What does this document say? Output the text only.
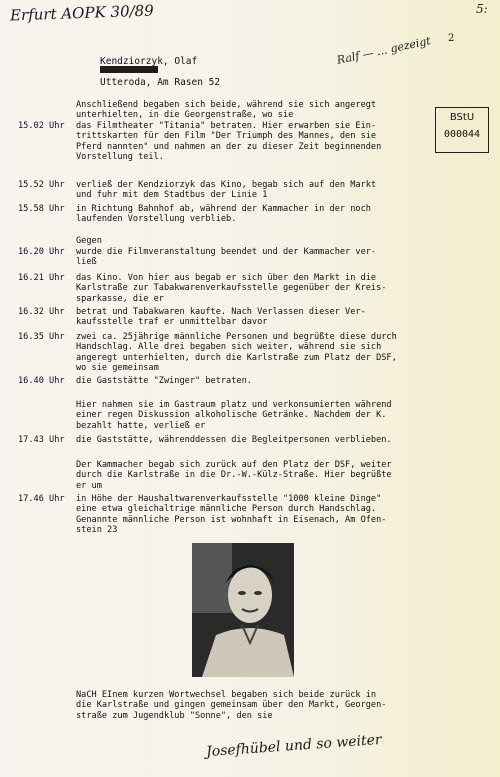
Erfurt AOPK 30/89	5:
2
Ralf — ... gezeigt
Kendziorzyk, Olaf
Utteroda, Am Rasen 52
BStU
000044
Anschließend begaben sich beide, während sie sich angeregt
unterhielten, in die Georgenstraße, wo sie
15.02 Uhr das Filmtheater "Titania" betraten. Hier erwarben sie Ein-
trittskarten für den Film "Der Triumph des Mannes, den sie
Pferd nannten" und nahmen an der zu dieser Zeit beginnenden
Vorstellung teil.
15.52 Uhr verließ der Kendziorzyk das Kino, begab sich auf den Markt
und fuhr mit dem Stadtbus der Linie 1
15.58 Uhr in Richtung Bahnhof ab, während der Kammacher in der noch
laufenden Vorstellung verblieb.
Gegen
16.20 Uhr wurde die Filmveranstaltung beendet und der Kammacher ver-
ließ
16.21 Uhr das Kino. Von hier aus begab er sich über den Markt in die
Karlstraße zur Tabakwarenverkaufsstelle gegenüber der Kreis-
sparkasse, die er
16.32 Uhr betrat und Tabakwaren kaufte. Nach Verlassen dieser Ver-
kaufsstelle traf er unmittelbar davor
16.35 Uhr zwei ca. 25jährige männliche Personen und begrüßte diese durch
Handschlag. Alle drei begaben sich weiter, während sie sich
angeregt unterhielten, durch die Karlstraße zum Platz der DSF,
wo sie gemeinsam
16.40 Uhr die Gaststätte "Zwinger" betraten.
Hier nahmen sie im Gastraum platz und verkonsumierten während
einer regen Diskussion alkoholische Getränke. Nachdem der K.
bezahlt hatte, verließ er
17.43 Uhr die Gaststätte, währenddessen die Begleitpersonen verblieben.
Der Kammacher begab sich zurück auf den Platz der DSF, weiter
durch die Karlstraße in die Dr.-W.-Külz-Straße. Hier begrüßte
er um
17.46 Uhr in Höhe der Haushaltwarenverkaufsstelle "1000 kleine Dinge"
eine etwa gleichaltrige männliche Person durch Handschlag.
Genannte männliche Person ist wohnhaft in Eisenach, Am Ofen-
stein 23
NaCH EInem kurzen Wortwechsel begaben sich beide zurück in
die Karlstraße und gingen gemeinsam über den Markt, Georgen-
straße zum Jugendklub "Sonne", den sie
Josefhübel und so weiter
